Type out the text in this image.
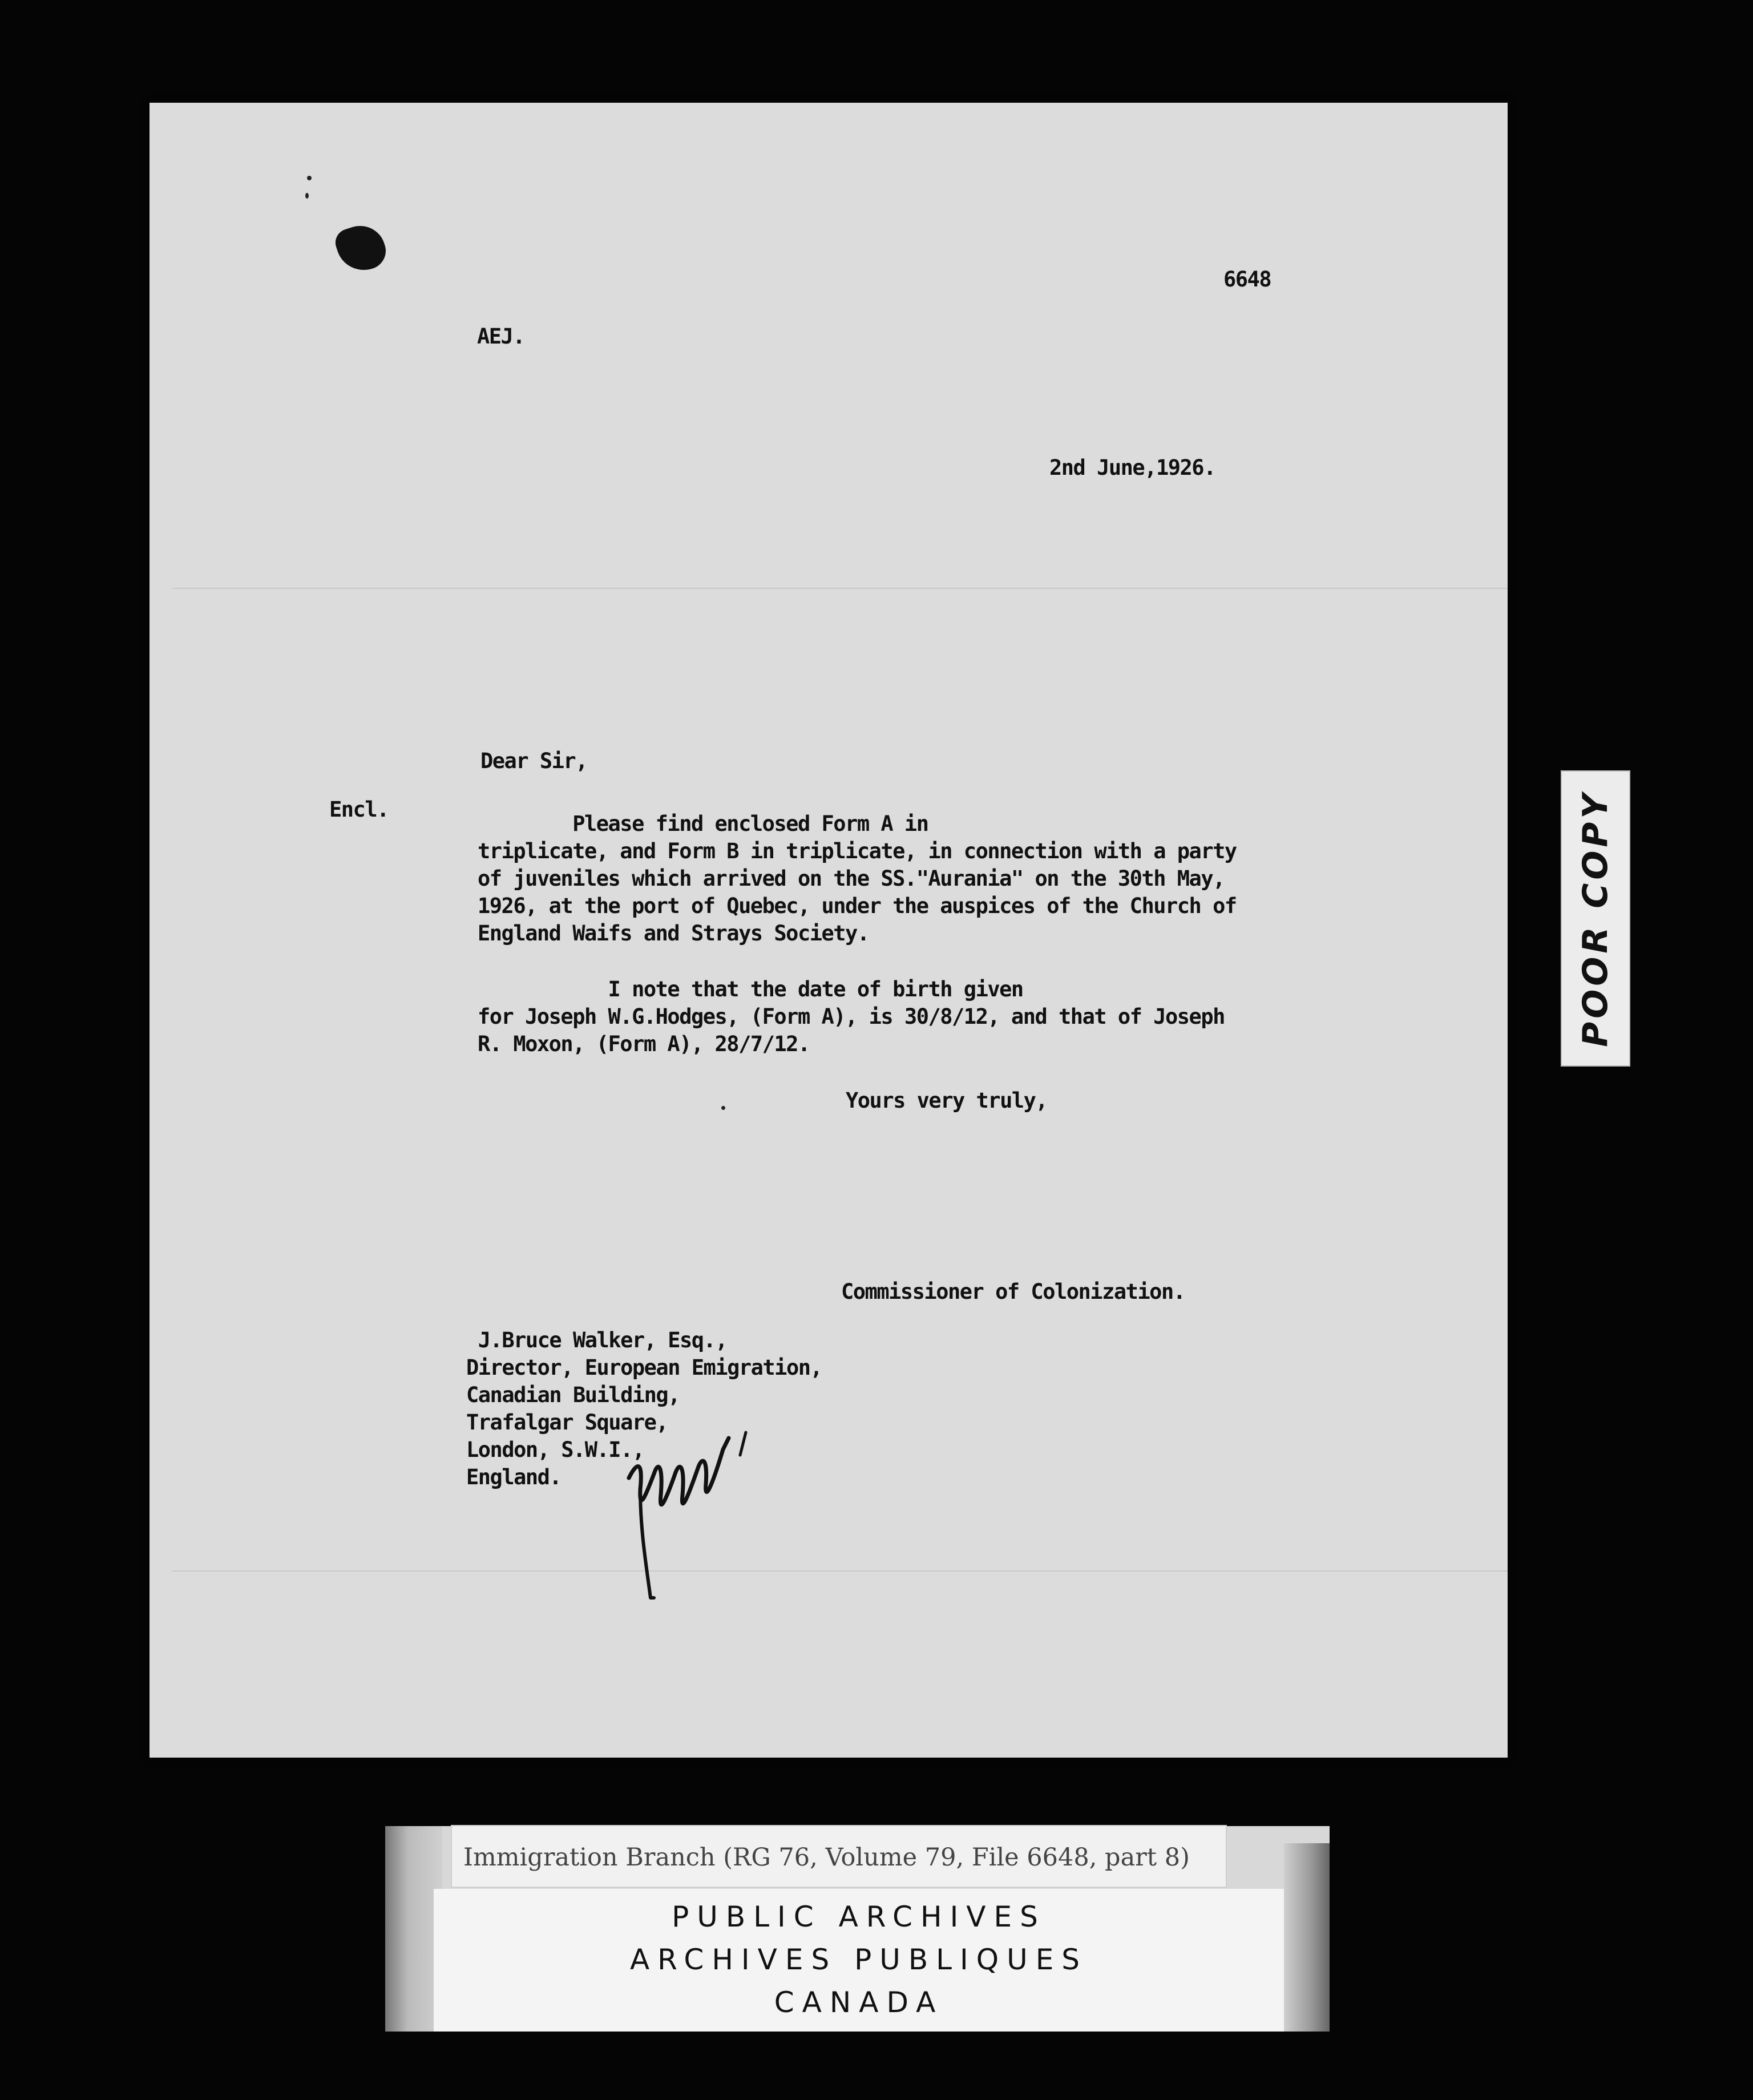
6648
AEJ.
2nd June,1926.
Dear Sir,
Encl.
Please find enclosed Form A in
triplicate, and Form B in triplicate, in connection with a party
of juveniles which arrived on the SS."Aurania" on the 30th May,
1926, at the port of Quebec, under the auspices of the Church of
England Waifs and Strays Society.
I note that the date of birth given
for Joseph W.G.Hodges, (Form A), is 30/8/12, and that of Joseph
R. Moxon, (Form A), 28/7/12.
Yours very truly,
Commissioner of Colonization.
J.Bruce Walker, Esq.,
Director, European Emigration,
Canadian Building,
Trafalgar Square,
London, S.W.I.,
England.
POOR COPY
Immigration Branch (RG 76, Volume 79, File 6648, part 8)
PUBLIC ARCHIVES
ARCHIVES PUBLIQUES
CANADA
